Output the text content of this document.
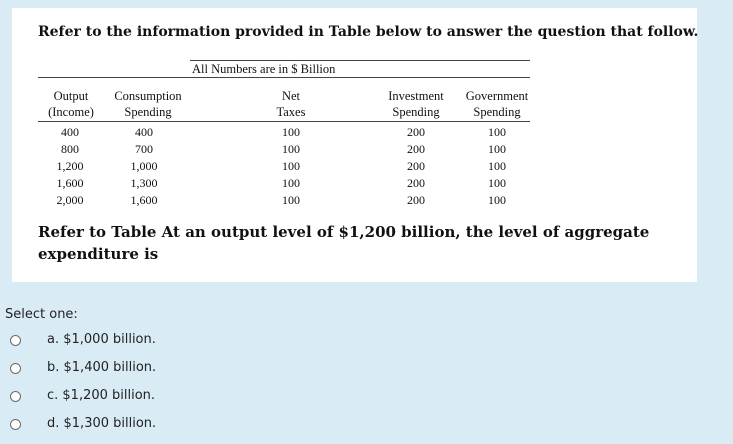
Refer to the information provided in Table below to answer the question that follow.
All Numbers are in $ Billion
Output
(Income)
Consumption
Spending
Net
Taxes
Investment
Spending
Government
Spending
400
800
1,200
1,600
2,000
400
700
1,000
1,300
1,600
100
100
100
100
100
200
200
200
200
200
100
100
100
100
100
Refer to Table At an output level of $1,200 billion, the level of aggregate expenditure is
Select one:
a. $1,000 billion.
b. $1,400 billion.
c. $1,200 billion.
d. $1,300 billion.
